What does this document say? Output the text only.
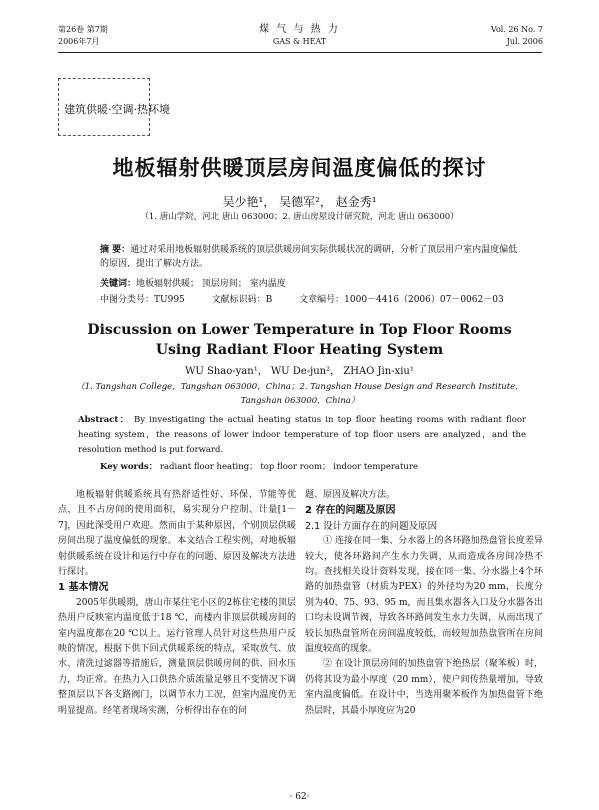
第26卷 第7期
2006年7月
煤 气 与 热 力
GAS & HEAT
Vol. 26 No. 7
Jul. 2006
建筑供暖·空调·热环境
地板辐射供暖顶层房间温度偏低的探讨
吴少艳¹， 吴德军²， 赵金秀¹
（1. 唐山学院，河北 唐山 063000；2. 唐山房屋设计研究院，河北 唐山 063000）

摘 要：通过对采用地板辐射供暖系统的顶层供暖房间实际供暖状况的调研，分析了顶层用户室内温度偏低的原因，提出了解决方法。

关键词：地板辐射供暖； 顶层房间； 室内温度
中图分类号：TU995	文献标识码：B	文章编号：1000－4416（2006）07－0062－03
Discussion on Lower Temperature in Top Floor Rooms
Using Radiant Floor Heating System
WU Shao-yan¹， WU De-jun²， ZHAO Jin-xiu¹
（1. Tangshan College，Tangshan 063000，China；2. Tangshan House Design and Research Institute，
Tangshan 063000，China）
Abstract： By investigating the actual heating status in top floor heating rooms with radiant floor heating system，the reasons of lower indoor temperature of top floor users are analyzed，and the resolution method is put forward.
Key words： radiant floor heating； top floor room； indoor temperature

地板辐射供暖系统具有热舒适性好、环保、节能等优点，且不占房间的使用面积，易实现分户控制、计量[1－7]，因此深受用户欢迎。然而由于某种原因，个别顶层供暖房间出现了温度偏低的现象。本文结合工程实例，对地板辐射供暖系统在设计和运行中存在的问题、原因及解决方法进行探讨。

1 基本情况

2005年供暖期，唐山市某住宅小区的2栋住宅楼的顶层热用户反映室内温度低于18 ℃，而楼内非顶层供暖房间的室内温度都在20 ℃以上。运行管理人员针对这些热用户反映的情况，根据下供下回式供暖系统的特点，采取放气、放水、清洗过滤器等措施后，测量顶层供暖房间的供、回水压力，均正常。在热力入口供热介质流量足够且不变情况下调整顶层以下各支路阀门，以调节水力工况，但室内温度仍无明显提高。经笔者现场实测，分析得出存在的问

题、原因及解决方法。

2 存在的问题及原因

2.1 设计方面存在的问题及原因

① 连接在同一集、分水器上的各环路加热盘管长度差异较大，使各环路间产生水力失调，从而造成各房间冷热不均。查找相关设计资料发现，接在同一集、分水器上4个环路的加热盘管（材质为PEX）的外径均为20 mm，长度分别为40、75、93、95 m，而且集水器各入口及分水器各出口均未设调节阀，导致各环路间发生水力失调，从而出现了较长加热盘管所在房间温度较低，而较短加热盘管所在房间温度较高的现象。

② 在设计顶层房间的加热盘管下绝热层（聚苯板）时，仍将其设为最小厚度（20 mm），使户间传热量增加，导致室内温度偏低。在设计中，当选用聚苯板作为加热盘管下绝热层时，其最小厚度应为20

· 62·
